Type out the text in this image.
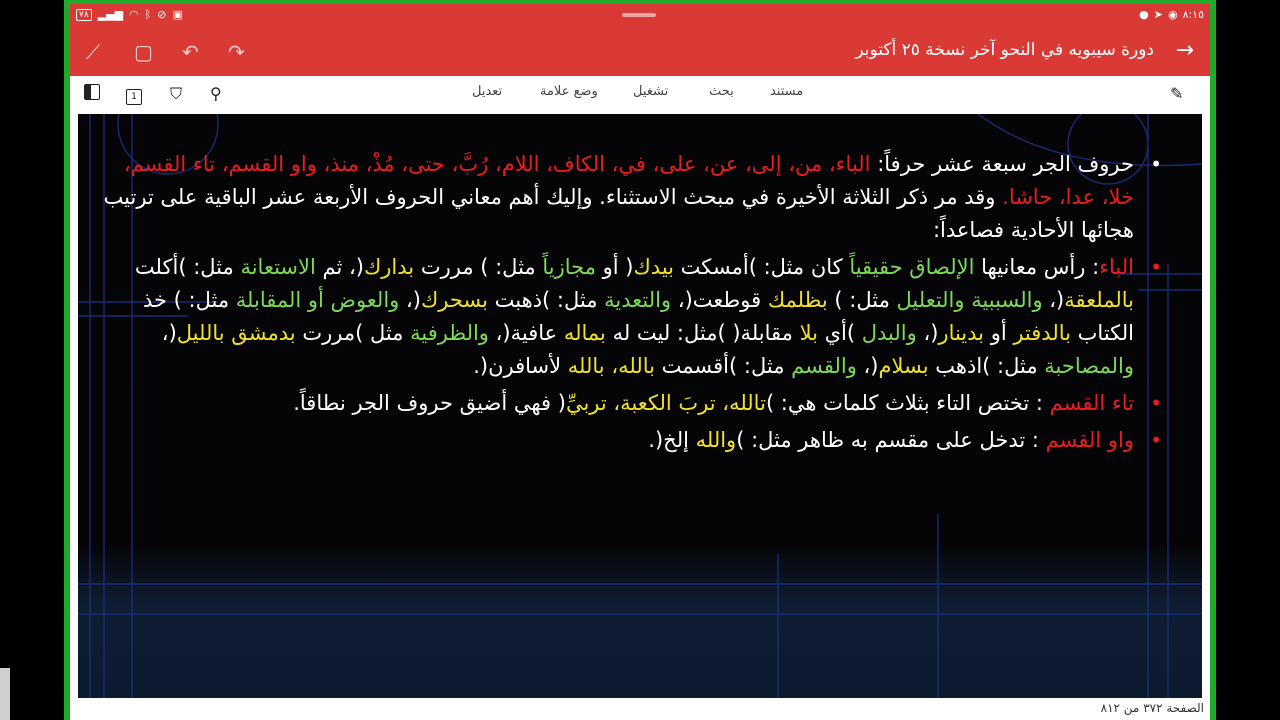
٧٨ ▂▄▆ ◠ ᛒ ⊘ ▣	● ➤ ◉ ٨:١٥
⟋ ▢ ↶ ↷	دورة سيبويه في النحو آخر نسخة ٢٥ أكتوبر →
1	⛉ ⚲	تعديل	وضع علامة	تشغيل	بحث	مستند	✎

•
حروف الجر سبعة عشر حرفاً: الباء، من، إلى، عن، على، في، الكاف، اللام، رُبَّ، حتى، مُذْ، منذ، واو القسم، تاء القسم، خلا، عدا، حاشا. وقد مر ذكر الثلاثة الأخيرة في مبحث الاستثناء. وإليك أهم معاني الحروف الأربعة عشر الباقية على ترتيب هجائها الأحادية فصاعداً:

•
الباء: رأس معانيها الإلصاق حقيقياً كان مثل: )أمسكت بيدك( أو مجازياً مثل: ) مررت بدارك(، ثم الاستعانة مثل: )أكلت بالملعقة(، والسببية والتعليل مثل: ) بظلمك قوطعت(، والتعدية مثل: )ذهبت بسحرك(، والعوض أو المقابلة مثل: ) خذ الكتاب بالدفتر أو بدينار(، والبدل )أي بلا مقابلة( )مثل: ليت له بماله عافية(، والظرفية مثل )مررت بدمشق بالليل(، والمصاحبة مثل: )اذهب بسلام(، والقسم مثل: )أقسمت بالله، بالله لأسافرن(.

•
تاء القسم : تختص التاء بثلاث كلمات هي: )تالله، تربَ الكعبة، تربيِّ( فهي أضيق حروف الجر نطاقاً.

•
واو القسم : تدخل على مقسم به ظاهر مثل: )والله إلخ(.

الصفحة ٣٧٢ من ٨١٢
